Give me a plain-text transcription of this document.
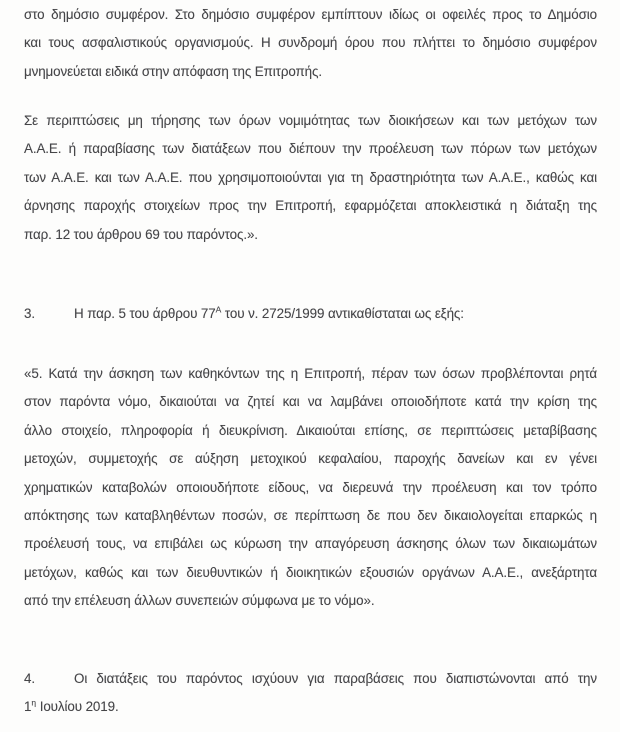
στο δημόσιο συμφέρον. Στο δημόσιο συμφέρον εμπίπτουν ιδίως οι οφειλές προς το Δημόσιο
και τους ασφαλιστικούς οργανισμούς. Η συνδρομή όρου που πλήττει το δημόσιο συμφέρον
μνημονεύεται ειδικά στην απόφαση της Επιτροπής.
Σε περιπτώσεις μη τήρησης των όρων νομιμότητας των διοικήσεων και των μετόχων των
Α.Α.Ε. ή παραβίασης των διατάξεων που διέπουν την προέλευση των πόρων των μετόχων
των Α.Α.Ε. και των Α.Α.Ε. που χρησιμοποιούνται για τη δραστηριότητα των Α.Α.Ε., καθώς και
άρνησης παροχής στοιχείων προς την Επιτροπή, εφαρμόζεται αποκλειστικά η διάταξη της
παρ. 12 του άρθρου 69 του παρόντος.».
3.	Η παρ. 5 του άρθρου $77^A$ του ν. 2725/1999 αντικαθίσταται ως εξής:
«5. Κατά την άσκηση των καθηκόντων της η Επιτροπή, πέραν των όσων προβλέπονται ρητά
στον παρόντα νόμο, δικαιούται να ζητεί και να λαμβάνει οποιοδήποτε κατά την κρίση της
άλλο στοιχείο, πληροφορία ή διευκρίνιση. Δικαιούται επίσης, σε περιπτώσεις μεταβίβασης
μετοχών, συμμετοχής σε αύξηση μετοχικού κεφαλαίου, παροχής δανείων και εν γένει
χρηματικών καταβολών οποιουδήποτε είδους, να διερευνά την προέλευση και τον τρόπο
απόκτησης των καταβληθέντων ποσών, σε περίπτωση δε που δεν δικαιολογείται επαρκώς η
προέλευσή τους, να επιβάλει ως κύρωση την απαγόρευση άσκησης όλων των δικαιωμάτων
μετόχων, καθώς και των διευθυντικών ή διοικητικών εξουσιών οργάνων Α.Α.Ε., ανεξάρτητα
από την επέλευση άλλων συνεπειών σύμφωνα με το νόμο».
4.	Οι διατάξεις του παρόντος ισχύουν για παραβάσεις που διαπιστώνονται από την
$1^\eta$ Ιουλίου 2019.
